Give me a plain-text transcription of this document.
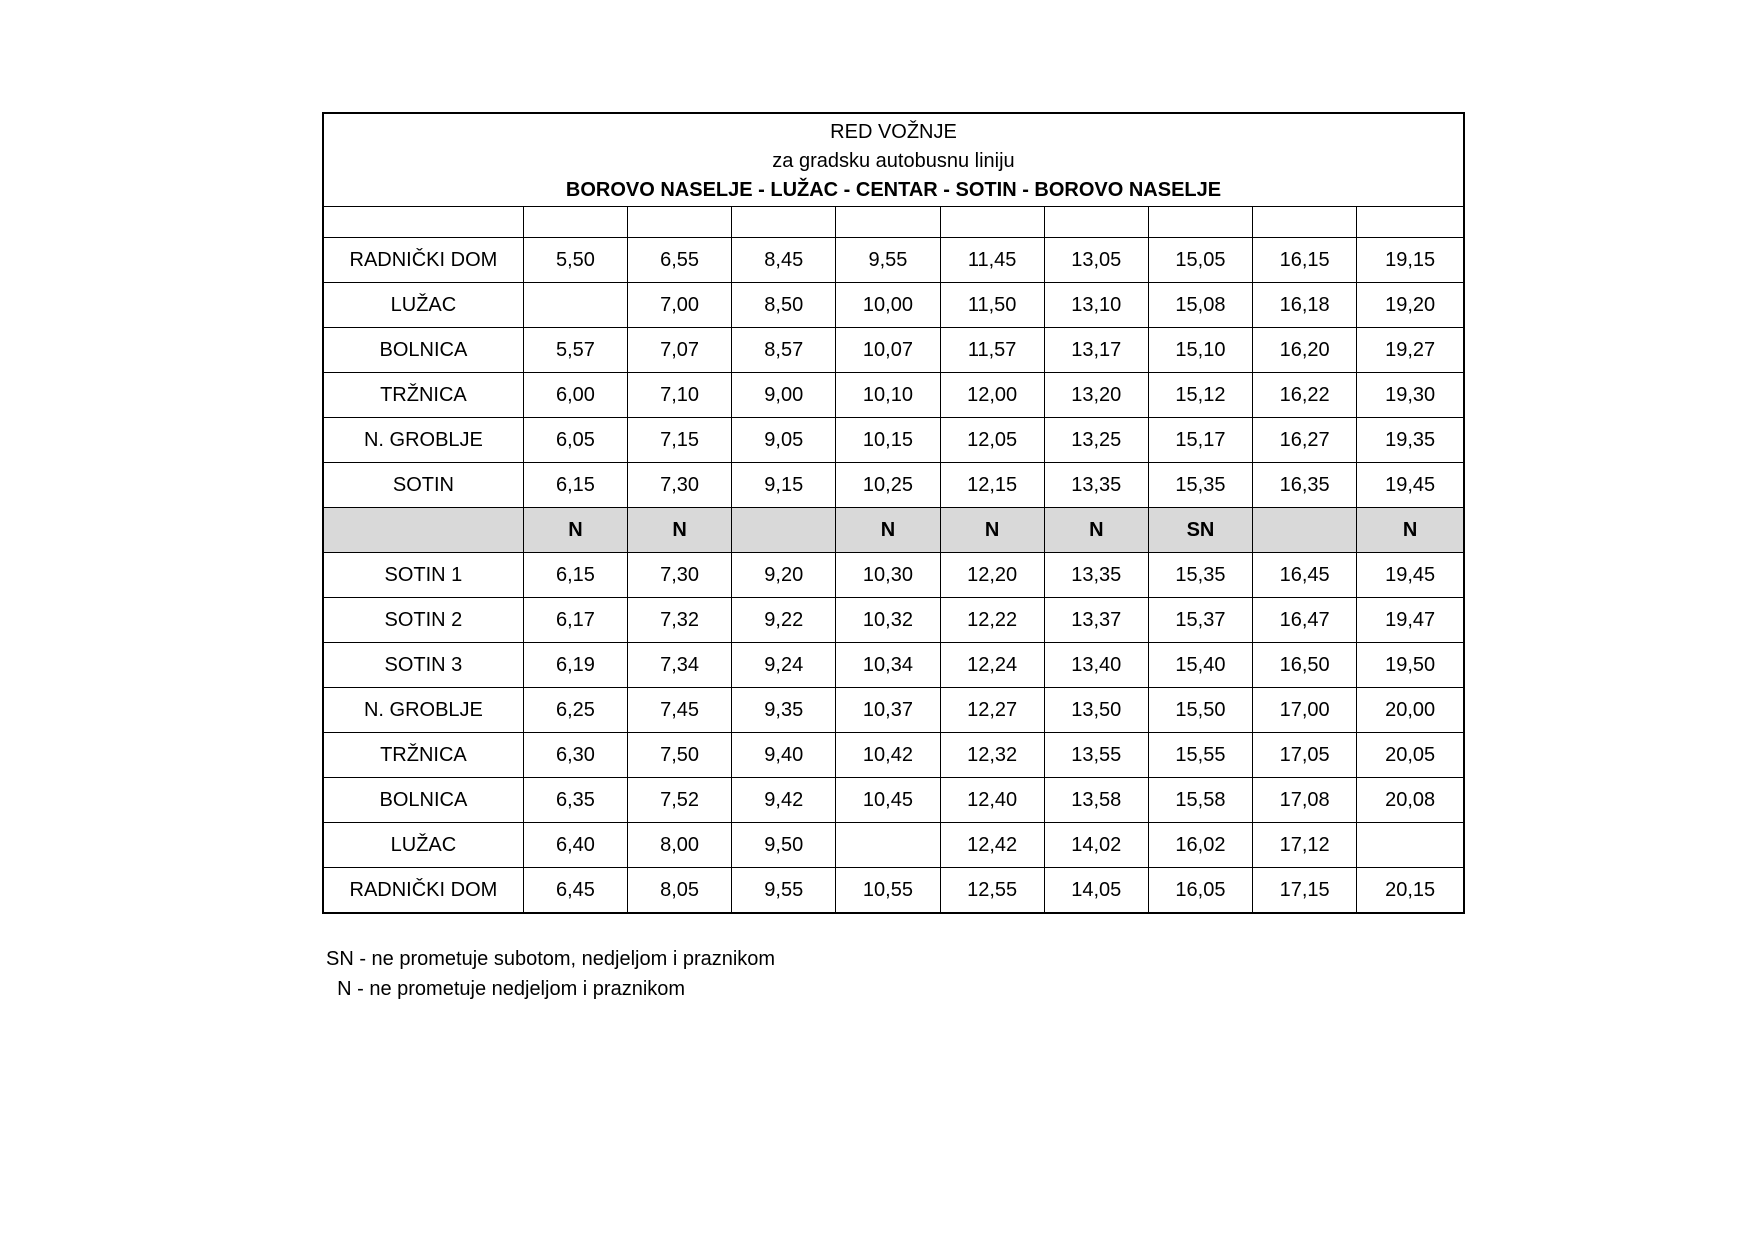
RED VOŽNJE
za gradsku autobusnu liniju
BOROVO NASELJE - LUŽAC - CENTAR - SOTIN - BOROVO NASELJE									

RADNIČKI DOM	5,50	6,55	8,45	9,55	11,45	13,05	15,05	16,15	19,15
LUŽAC		7,00	8,50	10,00	11,50	13,10	15,08	16,18	19,20
BOLNICA	5,57	7,07	8,57	10,07	11,57	13,17	15,10	16,20	19,27
TRŽNICA	6,00	7,10	9,00	10,10	12,00	13,20	15,12	16,22	19,30
N. GROBLJE	6,05	7,15	9,05	10,15	12,05	13,25	15,17	16,27	19,35
SOTIN	6,15	7,30	9,15	10,25	12,15	13,35	15,35	16,35	19,45
	N	N		N	N	N	SN		N
SOTIN 1	6,15	7,30	9,20	10,30	12,20	13,35	15,35	16,45	19,45
SOTIN 2	6,17	7,32	9,22	10,32	12,22	13,37	15,37	16,47	19,47
SOTIN 3	6,19	7,34	9,24	10,34	12,24	13,40	15,40	16,50	19,50
N. GROBLJE	6,25	7,45	9,35	10,37	12,27	13,50	15,50	17,00	20,00
TRŽNICA	6,30	7,50	9,40	10,42	12,32	13,55	15,55	17,05	20,05
BOLNICA	6,35	7,52	9,42	10,45	12,40	13,58	15,58	17,08	20,08
LUŽAC	6,40	8,00	9,50		12,42	14,02	16,02	17,12	
RADNIČKI DOM	6,45	8,05	9,55	10,55	12,55	14,05	16,05	17,15	20,15
SN - ne prometuje subotom, nedjeljom i praznikom
N - ne prometuje nedjeljom i praznikom
